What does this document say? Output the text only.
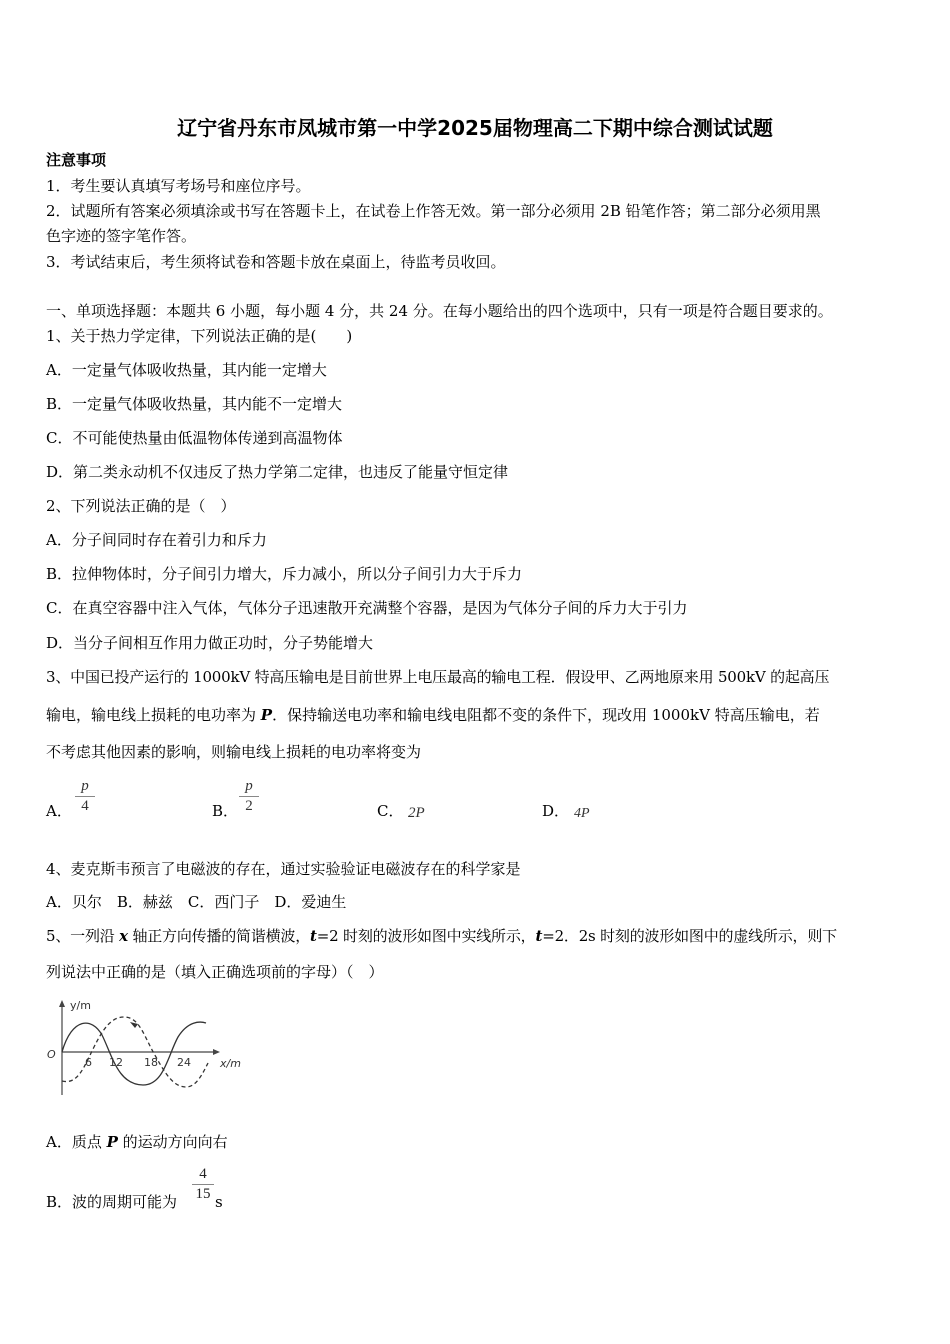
辽宁省丹东市凤城市第一中学2025届物理高二下期中综合测试试题
注意事项
1．考生要认真填写考场号和座位序号。
2．试题所有答案必须填涂或书写在答题卡上，在试卷上作答无效。第一部分必须用 2B 铅笔作答；第二部分必须用黑
色字迹的签字笔作答。
3．考试结束后，考生须将试卷和答题卡放在桌面上，待监考员收回。
一、单项选择题：本题共 6 小题，每小题 4 分，共 24 分。在每小题给出的四个选项中，只有一项是符合题目要求的。
1、关于热力学定律，下列说法正确的是(　　)
A．一定量气体吸收热量，其内能一定增大
B．一定量气体吸收热量，其内能不一定增大
C．不可能使热量由低温物体传递到高温物体
D．第二类永动机不仅违反了热力学第二定律，也违反了能量守恒定律
2、下列说法正确的是（　）
A．分子间同时存在着引力和斥力
B．拉伸物体时，分子间引力增大，斥力减小，所以分子间引力大于斥力
C．在真空容器中注入气体，气体分子迅速散开充满整个容器，是因为气体分子间的斥力大于引力
D．当分子间相互作用力做正功时，分子势能增大
3、中国已投产运行的 1000kV 特高压输电是目前世界上电压最高的输电工程．假设甲、乙两地原来用 500kV 的起高压
输电，输电线上损耗的电功率为 P．保持输送电功率和输电线电阻都不变的条件下，现改用 1000kV 特高压输电，若
不考虑其他因素的影响，则输电线上损耗的电功率将变为
A．
p
4	B．
p
2	C． 2P	D． 4P
4、麦克斯韦预言了电磁波的存在，通过实验验证电磁波存在的科学家是
A．贝尔　B．赫兹　C．西门子　D．爱迪生
5、一列沿 x 轴正方向传播的简谐横波，t=2 时刻的波形如图中实线所示，t=2．2s 时刻的波形如图中的虚线所示，则下
列说法中正确的是（填入正确选项前的字母）（　）
y/m
O
x/m
6 12 18 24
A．质点 P 的运动方向向右
B．波的周期可能为
4
15 s
